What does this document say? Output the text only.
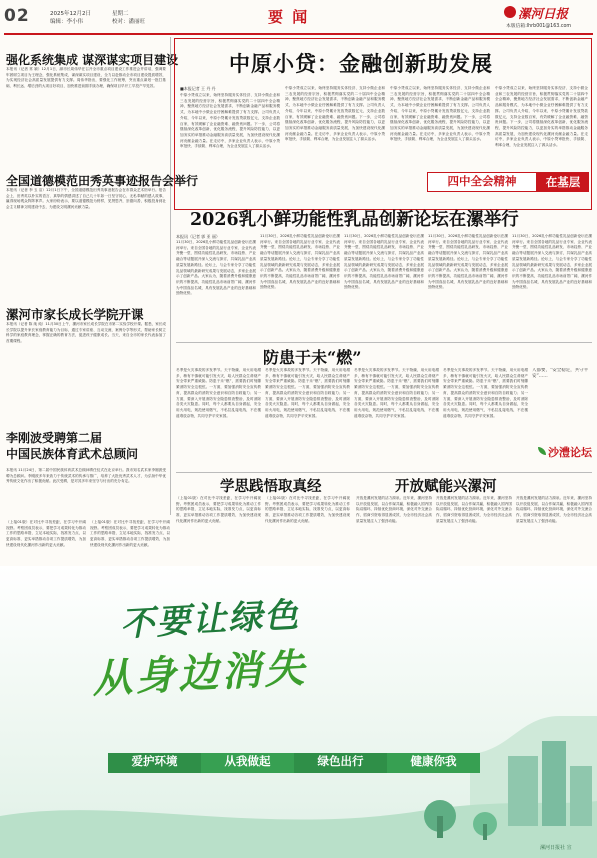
02	2025年12月2日	星期二
编辑：李小伟	校对：潘丽旺	要 闻	漯河日报
本版信箱:lhrb001@163.com
强化系统集成 谋深谋实项目建设
本报讯（记者 常 颖）12月1日，副市长周伟华在召开全市重点项目建设工作推进会并讲话，强调要牢固树立项目为王理念，强化系统集成，谋深谋实项目建设，全力以赴推动全市项目建设提质增效，为实现经济社会高质量发展提供有力支撑。周伟华指出，要强化工作统筹，突出重点谋划一批打基础、利长远、增后劲的大项目好项目，加快推进前期手续办理，确保项目早开工早投产早见效。
全国道德模范田秀英事迹报告会举行
本报讯（记者 李 玉 洁）12月1日下午，全国道德模范田秀英事迹报告会在市群众艺术馆举行。报告会上，田秀英以朴实的语言、真挚的情感讲述了自己几十年如一日坚守初心、无私奉献的感人故事，赢得现场观众阵阵掌声。大家纷纷表示，要以道德模范为榜样，见贤思齐，崇德向善，积极投身到社会主义精神文明建设中去，为建设文明漯河贡献力量。
漯河市家长成长学院开课
本报讯（记者 陈 纯 纯）11月30日上午，漯河市家长成长学院在市第二实验学校开课。据悉，家长成长学院以提升家长家庭教育能力为目标，通过专家讲座、互动交流、案例分享等形式，帮助家长树立科学的家庭教育理念，掌握正确的教育方法，促进孩子健康成长。当天，来自全市的家长代表参加了首期课程。
李刚波受聘第二届
中国民族体育武术总顾问
本报讯 11月24日，第二届中国民族体育武术总顾问聘任仪式在北京举行。我市知名武术家李刚波受聘为总顾问。李刚波多年来致力于传统武术的传承与推广，培养了大批优秀武术人才，为弘扬中华优秀传统文化作出了积极贡献。此次受聘，是对其多年来坚守与付出的充分肯定。
中原小贷：金融创新助发展
■本报记者 王 丹 丹
中原小贷成立以来，始终坚持服务实体经济、支持小微企业和三农发展的经营宗旨，积极贯彻落实党的二十届四中全会精神，聚焦地方经济社会发展需求，不断创新金融产品和服务模式，为本地中小微企业纾困解难提供了有力支撑。公司负责人介绍，今年以来，中原小贷累计发放贷款数亿元，支持企业数百家，有效缓解了企业融资难、融资贵问题。下一步，公司将继续深化改革创新，优化服务流程，提升风险防控能力，以更加务实的举措推动金融服务高质量发展，为加快建设现代化漯河贡献金融力量。在走访中，多家企业负责人表示，中原小贷审批快、手续简、利率合理，为企业发展注入了源头活水。
中原小贷成立以来，始终坚持服务实体经济、支持小微企业和三农发展的经营宗旨，积极贯彻落实党的二十届四中全会精神，聚焦地方经济社会发展需求，不断创新金融产品和服务模式，为本地中小微企业纾困解难提供了有力支撑。公司负责人介绍，今年以来，中原小贷累计发放贷款数亿元，支持企业数百家，有效缓解了企业融资难、融资贵问题。下一步，公司将继续深化改革创新，优化服务流程，提升风险防控能力，以更加务实的举措推动金融服务高质量发展，为加快建设现代化漯河贡献金融力量。在走访中，多家企业负责人表示，中原小贷审批快、手续简、利率合理，为企业发展注入了源头活水。
中原小贷成立以来，始终坚持服务实体经济、支持小微企业和三农发展的经营宗旨，积极贯彻落实党的二十届四中全会精神，聚焦地方经济社会发展需求，不断创新金融产品和服务模式，为本地中小微企业纾困解难提供了有力支撑。公司负责人介绍，今年以来，中原小贷累计发放贷款数亿元，支持企业数百家，有效缓解了企业融资难、融资贵问题。下一步，公司将继续深化改革创新，优化服务流程，提升风险防控能力，以更加务实的举措推动金融服务高质量发展，为加快建设现代化漯河贡献金融力量。在走访中，多家企业负责人表示，中原小贷审批快、手续简、利率合理，为企业发展注入了源头活水。
中原小贷成立以来，始终坚持服务实体经济、支持小微企业和三农发展的经营宗旨，积极贯彻落实党的二十届四中全会精神，聚焦地方经济社会发展需求，不断创新金融产品和服务模式，为本地中小微企业纾困解难提供了有力支撑。公司负责人介绍，今年以来，中原小贷累计发放贷款数亿元，支持企业数百家，有效缓解了企业融资难、融资贵问题。下一步，公司将继续深化改革创新，优化服务流程，提升风险防控能力，以更加务实的举措推动金融服务高质量发展，为加快建设现代化漯河贡献金融力量。在走访中，多家企业负责人表示，中原小贷审批快、手续简、利率合理，为企业发展注入了源头活水。
四中全会精神	在基层
2026乳小鲜功能性乳品创新论坛在漯举行
本报讯（记者 郭 亚 丽）
11月30日，2026乳小鲜功能性乳品创新论坛在漯河举行。来自全国各地的乳品行业专家、企业代表齐聚一堂，围绕功能性乳品研发、市场趋势、产业融合等话题展开深入交流与探讨，共谋乳品产业高质量发展新路径。论坛上，与会专家分享了功能性乳品领域的最新研究成果与发展动态，多家企业展示了创新产品。大家认为，随着消费升级和健康意识的不断提高，功能性乳品市场前景广阔，漯河作为中国食品名城，具有发展乳品产业的良好基础和独特优势。
11月30日，2026乳小鲜功能性乳品创新论坛在漯河举行。来自全国各地的乳品行业专家、企业代表齐聚一堂，围绕功能性乳品研发、市场趋势、产业融合等话题展开深入交流与探讨，共谋乳品产业高质量发展新路径。论坛上，与会专家分享了功能性乳品领域的最新研究成果与发展动态，多家企业展示了创新产品。大家认为，随着消费升级和健康意识的不断提高，功能性乳品市场前景广阔，漯河作为中国食品名城，具有发展乳品产业的良好基础和独特优势。
11月30日，2026乳小鲜功能性乳品创新论坛在漯河举行。来自全国各地的乳品行业专家、企业代表齐聚一堂，围绕功能性乳品研发、市场趋势、产业融合等话题展开深入交流与探讨，共谋乳品产业高质量发展新路径。论坛上，与会专家分享了功能性乳品领域的最新研究成果与发展动态，多家企业展示了创新产品。大家认为，随着消费升级和健康意识的不断提高，功能性乳品市场前景广阔，漯河作为中国食品名城，具有发展乳品产业的良好基础和独特优势。
11月30日，2026乳小鲜功能性乳品创新论坛在漯河举行。来自全国各地的乳品行业专家、企业代表齐聚一堂，围绕功能性乳品研发、市场趋势、产业融合等话题展开深入交流与探讨，共谋乳品产业高质量发展新路径。论坛上，与会专家分享了功能性乳品领域的最新研究成果与发展动态，多家企业展示了创新产品。大家认为，随着消费升级和健康意识的不断提高，功能性乳品市场前景广阔，漯河作为中国食品名城，具有发展乳品产业的良好基础和独特优势。
11月30日，2026乳小鲜功能性乳品创新论坛在漯河举行。来自全国各地的乳品行业专家、企业代表齐聚一堂，围绕功能性乳品研发、市场趋势、产业融合等话题展开深入交流与探讨，共谋乳品产业高质量发展新路径。论坛上，与会专家分享了功能性乳品领域的最新研究成果与发展动态，多家企业展示了创新产品。大家认为，随着消费升级和健康意识的不断提高，功能性乳品市场前景广阔，漯河作为中国食品名城，具有发展乳品产业的良好基础和独特优势。
防患于未“燃”
冬季是火灾事故的多发季节。天干物燥，用火用电增多，稍有不慎就可能引发火灾，给人民群众生命财产安全带来严重威胁。防患于未“燃”，需要我们时刻绷紧消防安全这根弦。一方面，要加强消防安全宣传教育，提高群众的消防安全意识和自防自救能力；另一方面，要深入开展消防安全隐患排查整治，及时消除各类火灾隐患。同时，每个人都要从自身做起，安全用火用电，规范使用燃气，不私拉乱接电线，不在楼道堆放杂物，共同守护平安家园。
冬季是火灾事故的多发季节。天干物燥，用火用电增多，稍有不慎就可能引发火灾，给人民群众生命财产安全带来严重威胁。防患于未“燃”，需要我们时刻绷紧消防安全这根弦。一方面，要加强消防安全宣传教育，提高群众的消防安全意识和自防自救能力；另一方面，要深入开展消防安全隐患排查整治，及时消除各类火灾隐患。同时，每个人都要从自身做起，安全用火用电，规范使用燃气，不私拉乱接电线，不在楼道堆放杂物，共同守护平安家园。
冬季是火灾事故的多发季节。天干物燥，用火用电增多，稍有不慎就可能引发火灾，给人民群众生命财产安全带来严重威胁。防患于未“燃”，需要我们时刻绷紧消防安全这根弦。一方面，要加强消防安全宣传教育，提高群众的消防安全意识和自防自救能力；另一方面，要深入开展消防安全隐患排查整治，及时消除各类火灾隐患。同时，每个人都要从自身做起，安全用火用电，规范使用燃气，不私拉乱接电线，不在楼道堆放杂物，共同守护平安家园。
冬季是火灾事故的多发季节。天干物燥，用火用电增多，稍有不慎就可能引发火灾，给人民群众生命财产安全带来严重威胁。防患于未“燃”，需要我们时刻绷紧消防安全这根弦。一方面，要加强消防安全宣传教育，提高群众的消防安全意识和自防自救能力；另一方面，要深入开展消防安全隐患排查整治，及时消除各类火灾隐患。同时，每个人都要从自身做起，安全用火用电，规范使用燃气，不私拉乱接电线，不在楼道堆放杂物，共同守护平安家园。
人都要，“安全稳定，共守平安”……
沙澧论坛
学思践悟取真经	开放赋能兴漯河
（上接01版）在对比中寻找差距，在学习中开阔视野。考察团成员表示，要把学习成果转化为推动工作的思路举措，立足本地实际，找准发力点，以更高标准、更实举措推动各项工作提质增效，为加快建设现代化漯河作出新的更大贡献。
（上接01版）在对比中寻找差距，在学习中开阔视野。考察团成员表示，要把学习成果转化为推动工作的思路举措，立足本地实际，找准发力点，以更高标准、更实举措推动各项工作提质增效，为加快建设现代化漯河作出新的更大贡献。
（上接01版）在对比中寻找差距，在学习中开阔视野。考察团成员表示，要把学习成果转化为推动工作的思路举措，立足本地实际，找准发力点，以更高标准、更实举措推动各项工作提质增效，为加快建设现代化漯河作出新的更大贡献。
（上接01版）在对比中寻找差距，在学习中开阔视野。考察团成员表示，要把学习成果转化为推动工作的思路举措，立足本地实际，找准发力点，以更高标准、更实举措推动各项工作提质增效，为加快建设现代化漯河作出新的更大贡献。
开放是漯河发展的活力源泉。近年来，漯河坚持以开放促发展、以合作谋共赢，积极融入国内国际双循环，持续优化营商环境，深化对外交流合作，招商引资取得显著成效，为全市经济社会高质量发展注入了强劲动能。
开放是漯河发展的活力源泉。近年来，漯河坚持以开放促发展、以合作谋共赢，积极融入国内国际双循环，持续优化营商环境，深化对外交流合作，招商引资取得显著成效，为全市经济社会高质量发展注入了强劲动能。
开放是漯河发展的活力源泉。近年来，漯河坚持以开放促发展、以合作谋共赢，积极融入国内国际双循环，持续优化营商环境，深化对外交流合作，招商引资取得显著成效，为全市经济社会高质量发展注入了强劲动能。
不要让绿色
从身边消失
爱护环境	从我做起	绿色出行	健康你我
漯河日报社 宣
